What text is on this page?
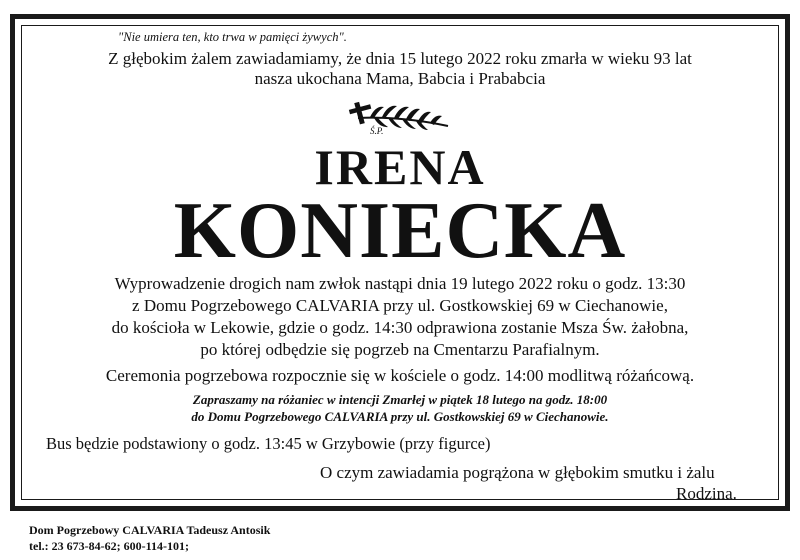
"Nie umiera ten, kto trwa w pamięci żywych".
Z głębokim żalem zawiadamiamy, że dnia 15 lutego 2022 roku zmarła w wieku 93 lat
nasza ukochana Mama, Babcia i Prababcia
Ś.P.
IRENA
KONIECKA
Wyprowadzenie drogich nam zwłok nastąpi dnia 19 lutego 2022 roku o godz. 13:30
z Domu Pogrzebowego CALVARIA przy ul. Gostkowskiej 69 w Ciechanowie,
do kościoła w Lekowie, gdzie o godz. 14:30 odprawiona zostanie Msza Św. żałobna,
po której odbędzie się pogrzeb na Cmentarzu Parafialnym.
Ceremonia pogrzebowa rozpocznie się w kościele o godz. 14:00 modlitwą różańcową.
Zapraszamy na różaniec w intencji Zmarłej w piątek 18 lutego na godz. 18:00
do Domu Pogrzebowego CALVARIA przy ul. Gostkowskiej 69 w Ciechanowie.
Bus będzie podstawiony o godz. 13:45 w Grzybowie (przy figurce)
O czym zawiadamia pogrążona w głębokim smutku i żalu
Rodzina.
Dom Pogrzebowy CALVARIA Tadeusz Antosik
tel.: 23 673-84-62; 600-114-101;
